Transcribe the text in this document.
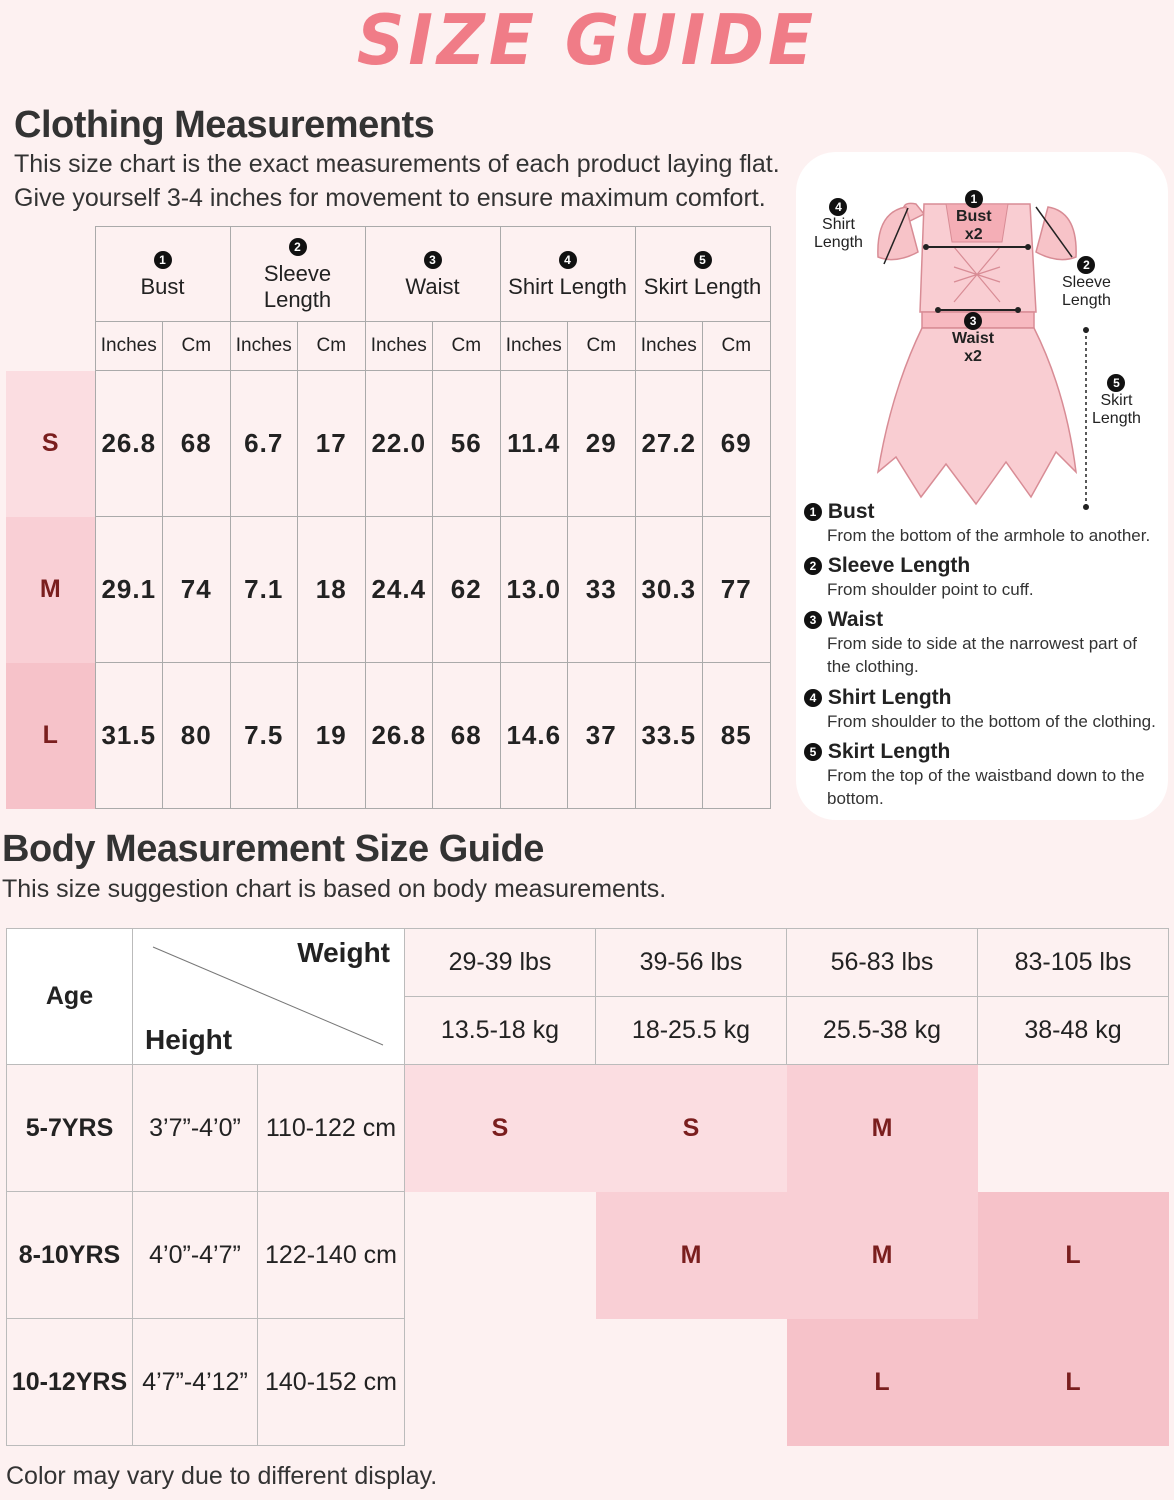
SIZE GUIDE
Clothing Measurements
This size chart is the exact measurements of each product laying flat.
Give yourself 3-4 inches for movement to ensure maximum comfort.
	1
Bust		2
Sleeve Length		3
Waist		4
Shirt Length		5
Skirt Length	
	Inches	Cm	Inches	Cm	Inches	Cm	Inches	Cm	Inches	Cm
S	26.8	68	6.7	17	22.0	56	11.4	29	27.2	69
M	29.1	74	7.1	18	24.4	62	13.0	33	30.3	77
L	31.5	80	7.5	19	26.8	68	14.6	37	33.5	85
1
Bust
x2
4
Shirt
Length
2
Sleeve
Length
3
Waist
x2
5
Skirt
Length
1 Bust
From the bottom of the armhole to another.
2 Sleeve Length
From shoulder point to cuff.
3 Waist
From side to side at the narrowest part of the clothing.
4 Shirt Length
From shoulder to the bottom of the clothing.
5 Skirt Length
From the top of the waistband down to the bottom.
Body Measurement Size Guide
This size suggestion chart is based on body measurements.
Age	Weight
Height		29-39 lbs	39-56 lbs	56-83 lbs	83-105 lbs
			13.5-18 kg	18-25.5 kg	25.5-38 kg	38-48 kg
5-7YRS	3’7”-4’0”	110-122 cm	S	S	M	
8-10YRS	4’0”-4’7”	122-140 cm		M	M	L
10-12YRS	4’7”-4’12”	140-152 cm			L	L
Color may vary due to different display.
